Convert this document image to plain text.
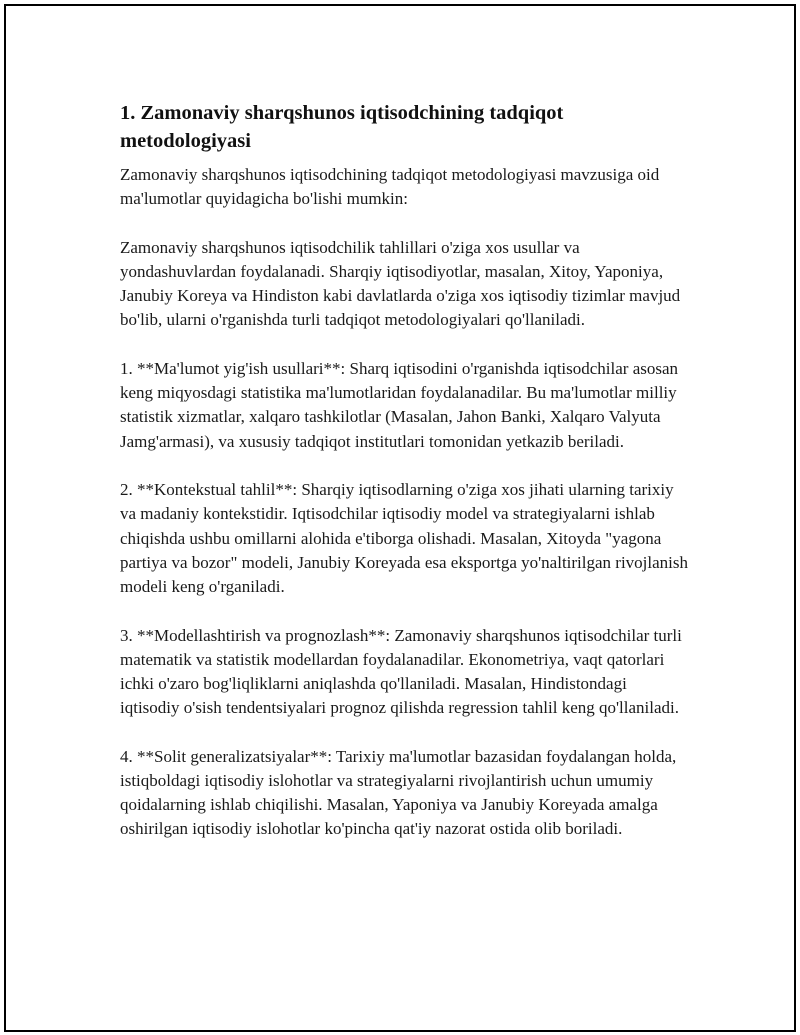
1. Zamonaviy sharqshunos iqtisodchining tadqiqot metodologiyasi

Zamonaviy sharqshunos iqtisodchining tadqiqot metodologiyasi mavzusiga oid ma'lumotlar quyidagicha bo'lishi mumkin:

Zamonaviy sharqshunos iqtisodchilik tahlillari o'ziga xos usullar va yondashuvlardan foydalanadi. Sharqiy iqtisodiyotlar, masalan, Xitoy, Yaponiya, Janubiy Koreya va Hindiston kabi davlatlarda o'ziga xos iqtisodiy tizimlar mavjud bo'lib, ularni o'rganishda turli tadqiqot metodologiyalari qo'llaniladi.

1. **Ma'lumot yig'ish usullari**: Sharq iqtisodini o'rganishda iqtisodchilar asosan keng miqyosdagi statistika ma'lumotlaridan foydalanadilar. Bu ma'lumotlar milliy statistik xizmatlar, xalqaro tashkilotlar (Masalan, Jahon Banki, Xalqaro Valyuta Jamg'armasi), va xususiy tadqiqot institutlari tomonidan yetkazib beriladi.

2. **Kontekstual tahlil**: Sharqiy iqtisodlarning o'ziga xos jihati ularning tarixiy va madaniy kontekstidir. Iqtisodchilar iqtisodiy model va strategiyalarni ishlab chiqishda ushbu omillarni alohida e'tiborga olishadi. Masalan, Xitoyda "yagona partiya va bozor" modeli, Janubiy Koreyada esa eksportga yo'naltirilgan rivojlanish modeli keng o'rganiladi.

3. **Modellashtirish va prognozlash**: Zamonaviy sharqshunos iqtisodchilar turli matematik va statistik modellardan foydalanadilar. Ekonometriya, vaqt qatorlari ichki o'zaro bog'liqliklarni aniqlashda qo'llaniladi. Masalan, Hindistondagi iqtisodiy o'sish tendentsiyalari prognoz qilishda regression tahlil keng qo'llaniladi.

4. **Solit generalizatsiyalar**: Tarixiy ma'lumotlar bazasidan foydalangan holda, istiqboldagi iqtisodiy islohotlar va strategiyalarni rivojlantirish uchun umumiy qoidalarning ishlab chiqilishi. Masalan, Yaponiya va Janubiy Koreyada amalga oshirilgan iqtisodiy islohotlar ko'pincha qat'iy nazorat ostida olib boriladi.
